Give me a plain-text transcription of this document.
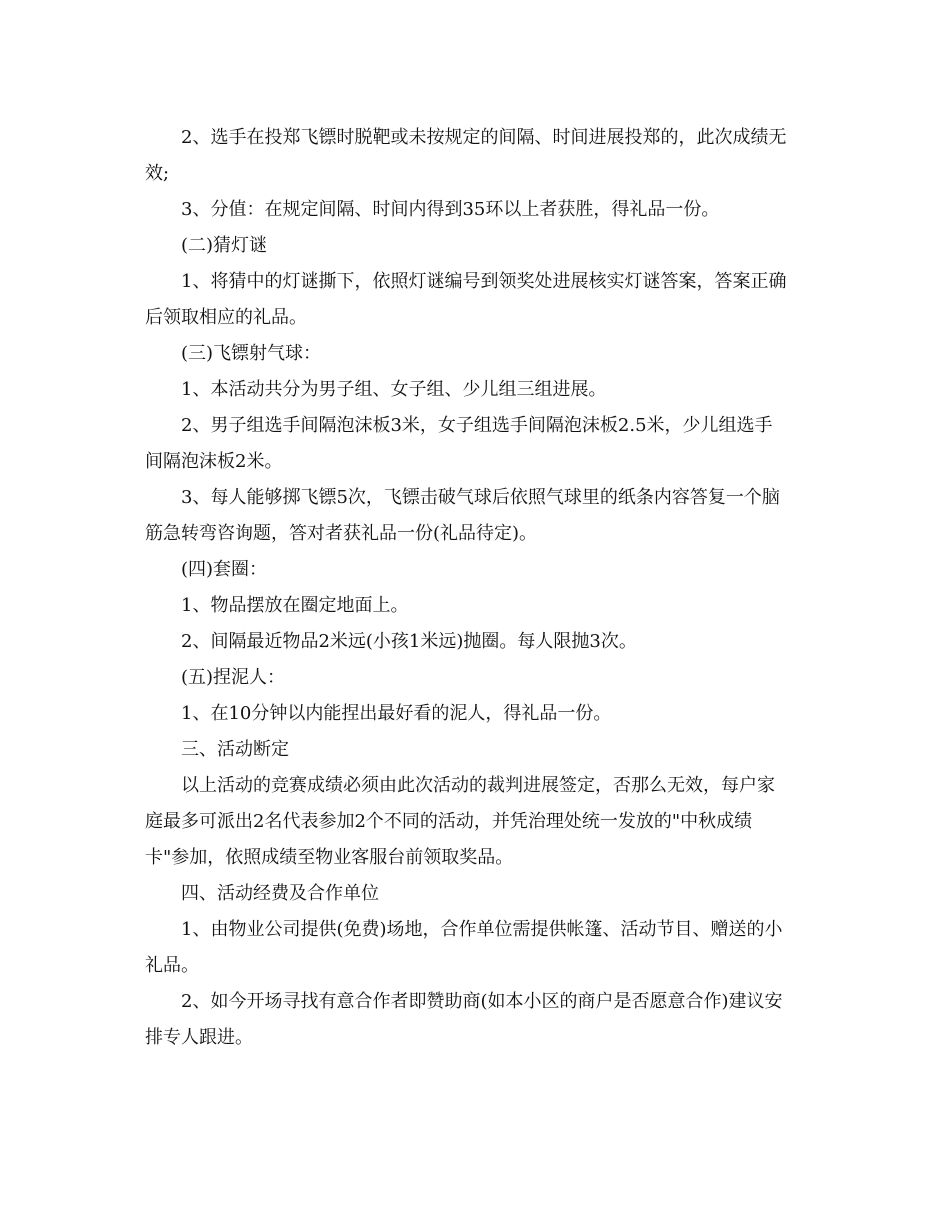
2、选手在投郑飞镖时脱靶或未按规定的间隔、时间进展投郑的，此次成绩无
效;

3、分值：在规定间隔、时间内得到35环以上者获胜，得礼品一份。

(二)猜灯谜

1、将猜中的灯谜撕下，依照灯谜编号到领奖处进展核实灯谜答案，答案正确
后领取相应的礼品。

(三)飞镖射气球：

1、本活动共分为男子组、女子组、少儿组三组进展。

2、男子组选手间隔泡沫板3米，女子组选手间隔泡沫板2.5米，少儿组选手
间隔泡沫板2米。

3、每人能够掷飞镖5次，飞镖击破气球后依照气球里的纸条内容答复一个脑
筋急转弯咨询题，答对者获礼品一份(礼品待定)。

(四)套圈：

1、物品摆放在圈定地面上。

2、间隔最近物品2米远(小孩1米远)抛圈。每人限抛3次。

(五)捏泥人：

1、在10分钟以内能捏出最好看的泥人，得礼品一份。

三、活动断定

以上活动的竞赛成绩必须由此次活动的裁判进展签定，否那么无效，每户家
庭最多可派出2名代表参加2个不同的活动，并凭治理处统一发放的"中秋成绩
卡"参加，依照成绩至物业客服台前领取奖品。

四、活动经费及合作单位

1、由物业公司提供(免费)场地，合作单位需提供帐篷、活动节目、赠送的小
礼品。

2、如今开场寻找有意合作者即赞助商(如本小区的商户是否愿意合作)建议安
排专人跟进。
